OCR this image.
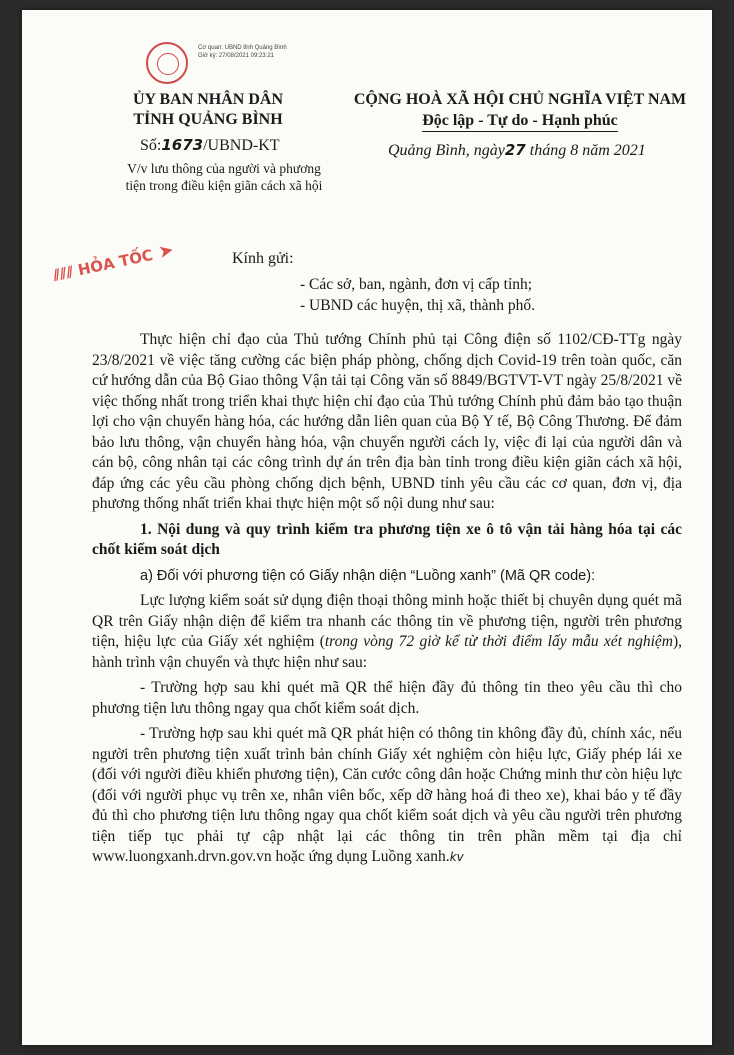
Cơ quan: UBND tỉnh Quảng Bình
Giờ ký: 27/08/2021 09:23:21
ỦY BAN NHÂN DÂN
TỈNH QUẢNG BÌNH
Số:1673/UBND-KT
V/v lưu thông của người và phương
tiện trong điều kiện giãn cách xã hội
CỘNG HOÀ XÃ HỘI CHỦ NGHĨA VIỆT NAM
Độc lập - Tự do - Hạnh phúc
Quảng Bình, ngày27 tháng 8 năm 2021
⫽⫽⫽ HỎA TỐC ➤	Kính gửi:
- Các sở, ban, ngành, đơn vị cấp tỉnh;
- UBND các huyện, thị xã, thành phố.

Thực hiện chỉ đạo của Thủ tướng Chính phủ tại Công điện số 1102/CĐ-TTg ngày 23/8/2021 về việc tăng cường các biện pháp phòng, chống dịch Covid-19 trên toàn quốc, căn cứ hướng dẫn của Bộ Giao thông Vận tải tại Công văn số 8849/BGTVT-VT ngày 25/8/2021 về việc thống nhất trong triển khai thực hiện chỉ đạo của Thủ tướng Chính phủ đảm bảo tạo thuận lợi cho vận chuyển hàng hóa, các hướng dẫn liên quan của Bộ Y tế, Bộ Công Thương. Để đảm bảo lưu thông, vận chuyển hàng hóa, vận chuyển người cách ly, việc đi lại của người dân và cán bộ, công nhân tại các công trình dự án trên địa bàn tỉnh trong điều kiện giãn cách xã hội, đáp ứng các yêu cầu phòng chống dịch bệnh, UBND tỉnh yêu cầu các cơ quan, đơn vị, địa phương thống nhất triển khai thực hiện một số nội dung như sau:

1. Nội dung và quy trình kiểm tra phương tiện xe ô tô vận tải hàng hóa tại các chốt kiểm soát dịch

a) Đối với phương tiện có Giấy nhận diện “Luồng xanh” (Mã QR code):

Lực lượng kiểm soát sử dụng điện thoại thông minh hoặc thiết bị chuyên dụng quét mã QR trên Giấy nhận diện để kiểm tra nhanh các thông tin về phương tiện, người trên phương tiện, hiệu lực của Giấy xét nghiệm (trong vòng 72 giờ kể từ thời điểm lấy mẫu xét nghiệm), hành trình vận chuyển và thực hiện như sau:

- Trường hợp sau khi quét mã QR thể hiện đầy đủ thông tin theo yêu cầu thì cho phương tiện lưu thông ngay qua chốt kiểm soát dịch.

- Trường hợp sau khi quét mã QR phát hiện có thông tin không đầy đủ, chính xác, nếu người trên phương tiện xuất trình bản chính Giấy xét nghiệm còn hiệu lực, Giấy phép lái xe (đối với người điều khiển phương tiện), Căn cước công dân hoặc Chứng minh thư còn hiệu lực (đối với người phục vụ trên xe, nhân viên bốc, xếp dỡ hàng hoá đi theo xe), khai báo y tế đầy đủ thì cho phương tiện lưu thông ngay qua chốt kiểm soát dịch và yêu cầu người trên phương tiện tiếp tục phải tự cập nhật lại các thông tin trên phần mềm tại địa chỉ www.luongxanh.drvn.gov.vn hoặc ứng dụng Luồng xanh.kv
